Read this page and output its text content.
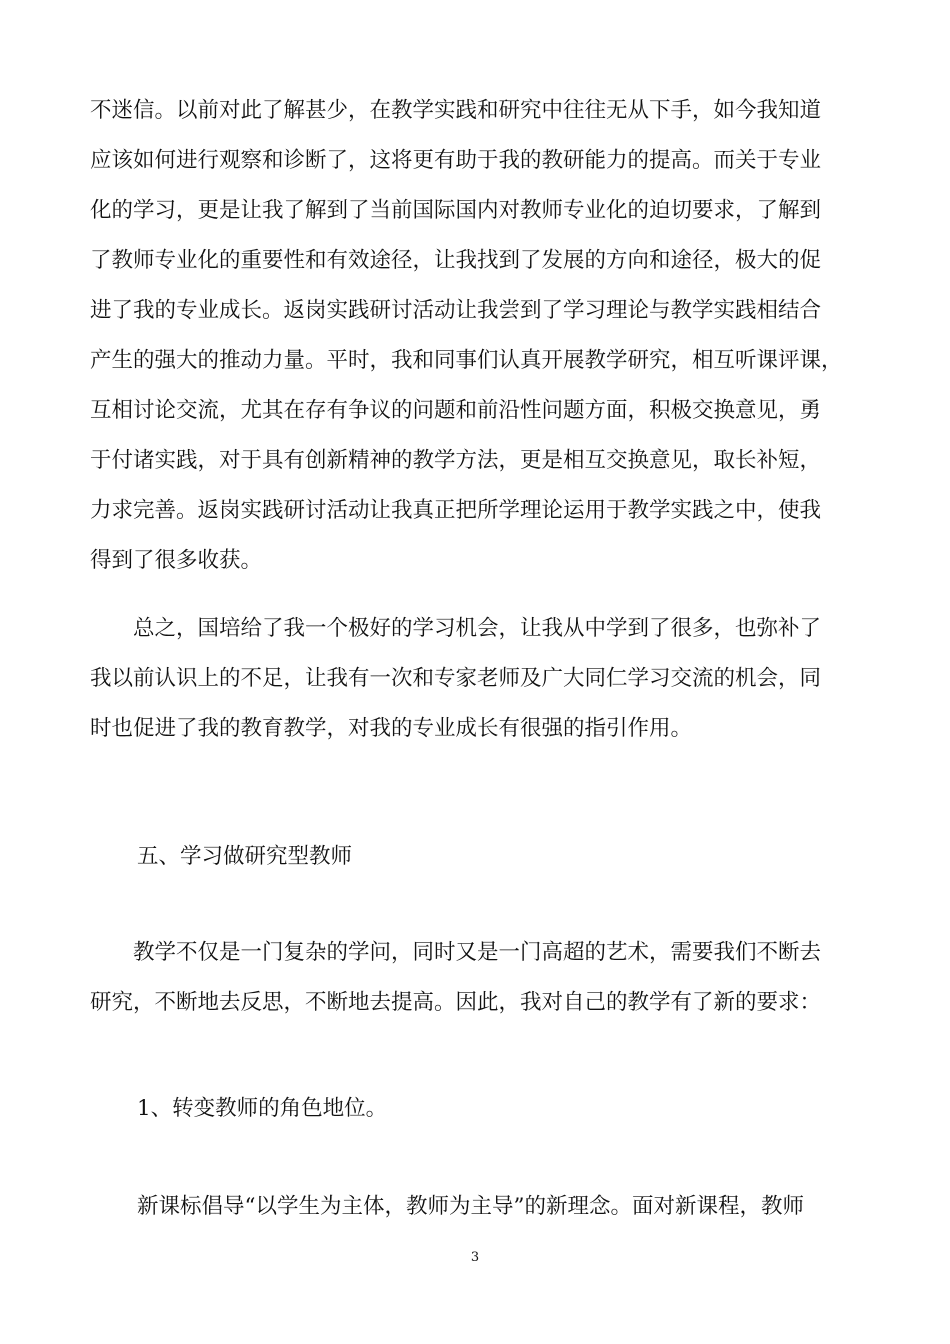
不迷信。以前对此了解甚少，在教学实践和研究中往往无从下手，如今我知道
应该如何进行观察和诊断了，这将更有助于我的教研能力的提高。而关于专业
化的学习，更是让我了解到了当前国际国内对教师专业化的迫切要求，了解到
了教师专业化的重要性和有效途径，让我找到了发展的方向和途径，极大的促
进了我的专业成长。返岗实践研讨活动让我尝到了学习理论与教学实践相结合
产生的强大的推动力量。平时，我和同事们认真开展教学研究，相互听课评课，
互相讨论交流，尤其在存有争议的问题和前沿性问题方面，积极交换意见，勇
于付诸实践，对于具有创新精神的教学方法，更是相互交换意见，取长补短，
力求完善。返岗实践研讨活动让我真正把所学理论运用于教学实践之中，使我
得到了很多收获。
　　总之，国培给了我一个极好的学习机会，让我从中学到了很多，也弥补了
我以前认识上的不足，让我有一次和专家老师及广大同仁学习交流的机会，同
时也促进了我的教育教学，对我的专业成长有很强的指引作用。

五、学习做研究型教师

　　教学不仅是一门复杂的学问，同时又是一门高超的艺术，需要我们不断去
研究，不断地去反思，不断地去提高。因此，我对自己的教学有了新的要求：

1、转变教师的角色地位。

新课标倡导“以学生为主体，教师为主导”的新理念。面对新课程，教师
3
